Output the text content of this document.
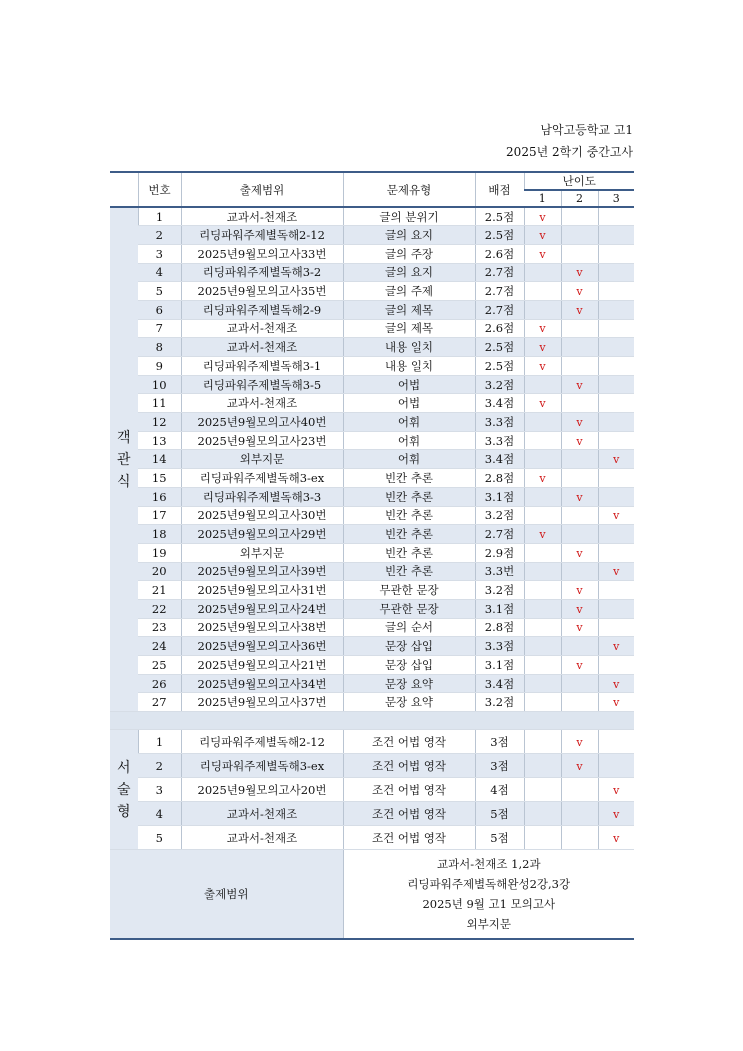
남악고등학교 고1
2025년 2학기 중간고사
	번호	출제범위	문제유형	배점	난이도		
					1	2	3
객
관
식	1	교과서-천재조	글의 분위기	2.5점	v		
	2	리딩파워주제별독해2-12	글의 요지	2.5점	v		
	3	2025년9월모의고사33번	글의 주장	2.6점	v		
	4	리딩파워주제별독해3-2	글의 요지	2.7점		v	
	5	2025년9월모의고사35번	글의 주제	2.7점		v	
	6	리딩파워주제별독해2-9	글의 제목	2.7점		v	
	7	교과서-천재조	글의 제목	2.6점	v		
	8	교과서-천재조	내용 일치	2.5점	v		
	9	리딩파워주제별독해3-1	내용 일치	2.5점	v		
	10	리딩파워주제별독해3-5	어법	3.2점		v	
	11	교과서-천재조	어법	3.4점	v		
	12	2025년9월모의고사40번	어휘	3.3점		v	
	13	2025년9월모의고사23번	어휘	3.3점		v	
	14	외부지문	어휘	3.4점			v
	15	리딩파워주제별독해3-ex	빈칸 추론	2.8점	v		
	16	리딩파워주제별독해3-3	빈칸 추론	3.1점		v	
	17	2025년9월모의고사30번	빈칸 추론	3.2점			v
	18	2025년9월모의고사29번	빈칸 추론	2.7점	v		
	19	외부지문	빈칸 추론	2.9점		v	
	20	2025년9월모의고사39번	빈칸 추론	3.3번			v
	21	2025년9월모의고사31번	무관한 문장	3.2점		v	
	22	2025년9월모의고사24번	무관한 문장	3.1점		v	
	23	2025년9월모의고사38번	글의 순서	2.8점		v	
	24	2025년9월모의고사36번	문장 삽입	3.3점			v
	25	2025년9월모의고사21번	문장 삽입	3.1점		v	
	26	2025년9월모의고사34번	문장 요약	3.4점			v
	27	2025년9월모의고사37번	문장 요약	3.2점			v

서
술
형	1	리딩파워주제별독해2-12	조건 어법 영작	3점		v	
	2	리딩파워주제별독해3-ex	조건 어법 영작	3점		v	
	3	2025년9월모의고사20번	조건 어법 영작	4점			v
	4	교과서-천재조	조건 어법 영작	5점			v
	5	교과서-천재조	조건 어법 영작	5점			v
출제범위			교과서-천재조 1,2과
리딩파워주제별독해완성2강,3강
2025년 9월 고1 모의고사
외부지문				
